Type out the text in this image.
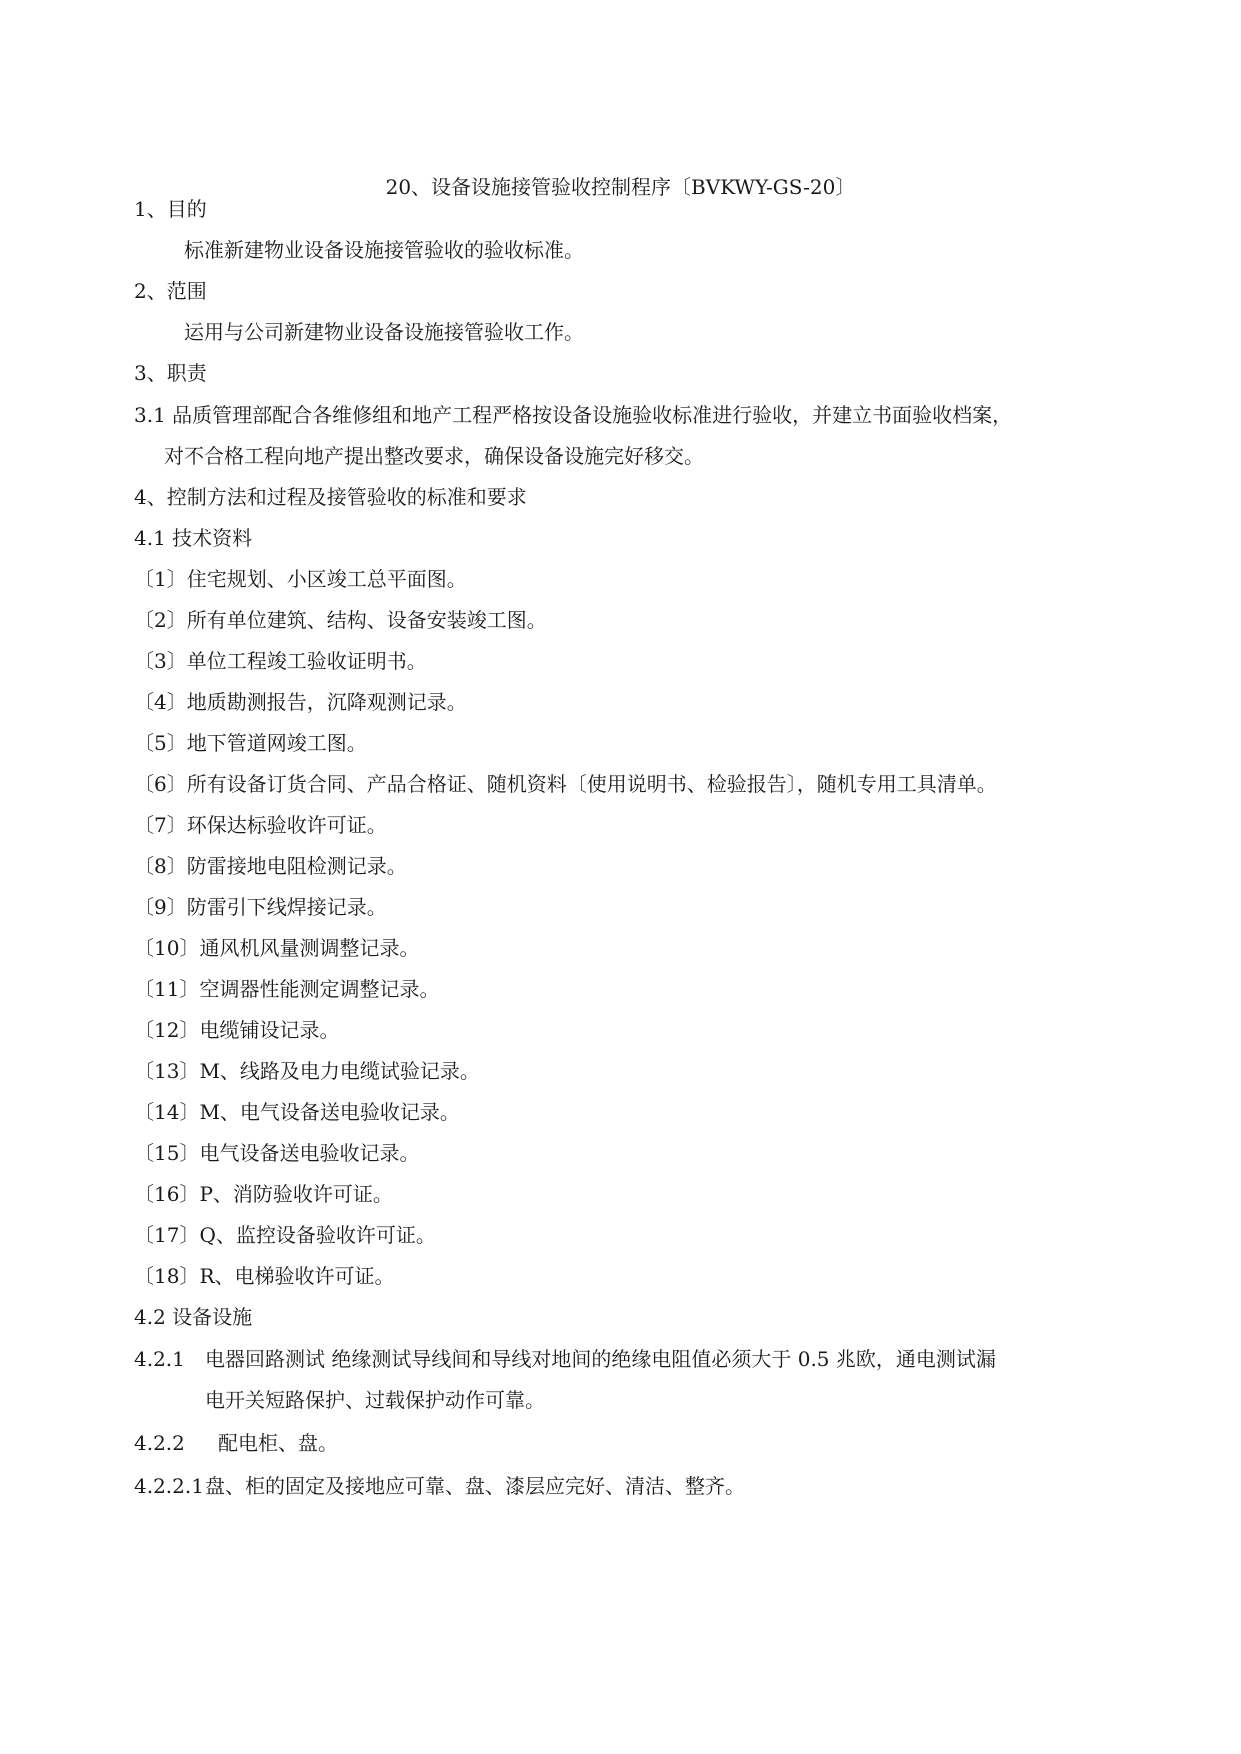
20、设备设施接管验收控制程序〔BVKWY-GS-20〕
1、目的
标准新建物业设备设施接管验收的验收标准。
2、范围
运用与公司新建物业设备设施接管验收工作。
3、职责
3.1 品质管理部配合各维修组和地产工程严格按设备设施验收标准进行验收，并建立书面验收档案，
对不合格工程向地产提出整改要求，确保设备设施完好移交。
4、控制方法和过程及接管验收的标准和要求
4.1 技术资料
〔1〕住宅规划、小区竣工总平面图。
〔2〕所有单位建筑、结构、设备安装竣工图。
〔3〕单位工程竣工验收证明书。
〔4〕地质勘测报告，沉降观测记录。
〔5〕地下管道网竣工图。
〔6〕所有设备订货合同、产品合格证、随机资料〔使用说明书、检验报告〕，随机专用工具清单。
〔7〕环保达标验收许可证。
〔8〕防雷接地电阻检测记录。
〔9〕防雷引下线焊接记录。
〔10〕通风机风量测调整记录。
〔11〕空调器性能测定调整记录。
〔12〕电缆铺设记录。
〔13〕M、线路及电力电缆试验记录。
〔14〕M、电气设备送电验收记录。
〔15〕电气设备送电验收记录。
〔16〕P、消防验收许可证。
〔17〕Q、监控设备验收许可证。
〔18〕R、电梯验收许可证。
4.2 设备设施
4.2.1 电器回路测试 绝缘测试导线间和导线对地间的绝缘电阻值必须大于 0.5 兆欧，通电测试漏
电开关短路保护、过载保护动作可靠。
4.2.2 配电柜、盘。
4.2.2.1 盘、柜的固定及接地应可靠、盘、漆层应完好、清洁、整齐。
